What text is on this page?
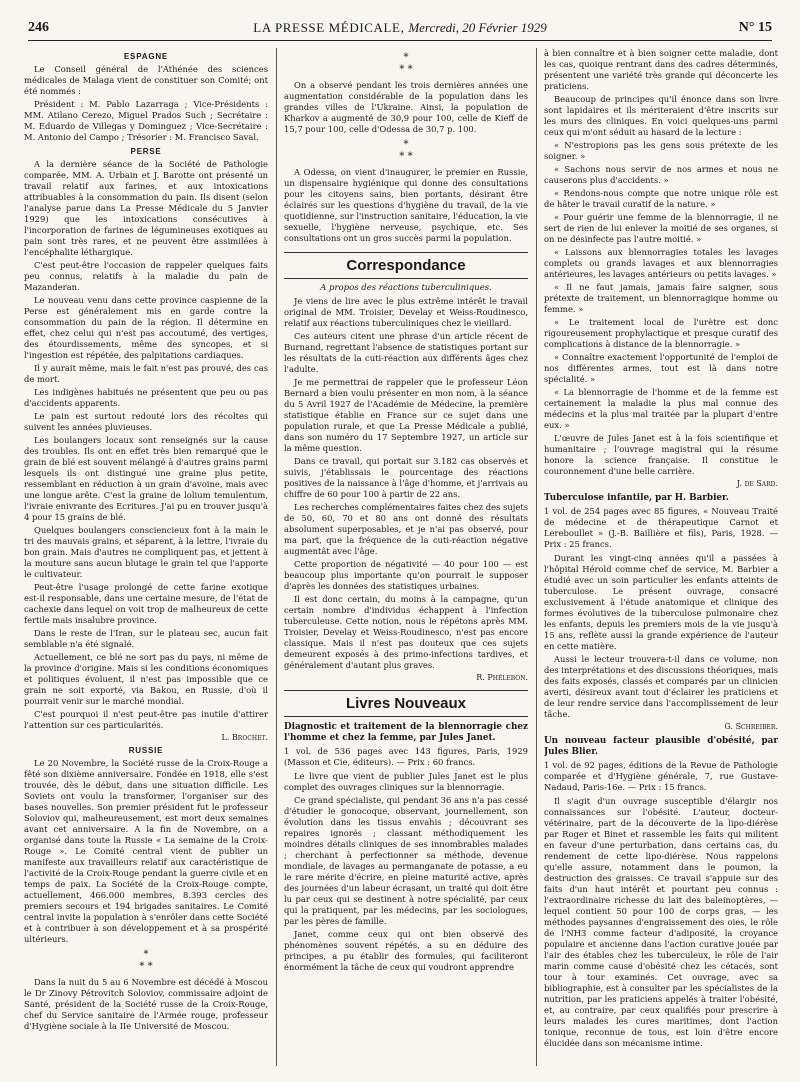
246	LA PRESSE MÉDICALE, Mercredi, 20 Février 1929	N° 15
ESPAGNE

Le Conseil général de l'Athénée des sciences médicales de Malaga vient de constituer son Comité; ont été nommés :

Président : M. Pablo Lazarraga ; Vice-Présidents : MM. Atilano Cerezo, Miguel Prados Such ; Secrétaire : M. Eduardo de Villegas y Dominguez ; Vice-Secrétaire : M. Antonio del Campo ; Trésorier : M. Francisco Saval.

PERSE

A la dernière séance de la Société de Pathologie comparée, MM. A. Urbain et J. Barotte ont présenté un travail relatif aux farines, et aux intoxications attribuables à la consommation du pain. Ils disent (selon l'analyse parue dans La Presse Médicale du 5 Janvier 1929) que les intoxications consécutives à l'incorporation de farines de légumineuses exotiques au pain sont très rares, et ne peuvent être assimilées à l'encéphalite léthargique.

C'est peut-être l'occasion de rappeler quelques faits peu connus, relatifs à la maladie du pain de Mazanderan.

Le nouveau venu dans cette province caspienne de la Perse est généralement mis en garde contre la consommation du pain de la région. Il détermine en effet, chez celui qui n'est pas accoutumé, des vertiges, des étourdissements, même des syncopes, et si l'ingestion est répétée, des palpitations cardiaques.

Il y aurait même, mais le fait n'est pas prouvé, des cas de mort.

Les indigènes habitués ne présentent que peu ou pas d'accidents apparents.

Le pain est surtout redouté lors des récoltes qui suivent les années pluvieuses.

Les boulangers locaux sont renseignés sur la cause des troubles. Ils ont en effet très bien remarqué que le grain de blé est souvent mélangé à d'autres grains parmi lesquels ils ont distingué une graine plus petite, ressemblant en réduction à un grain d'avoine, mais avec une longue arête. C'est la graine de lolium temulentum, l'ivraie enivrante des Ecritures. J'ai pu en trouver jusqu'à 4 pour 15 grains de blé.

Quelques boulangers consciencieux font à la main le tri des mauvais grains, et séparent, à la lettre, l'ivraie du bon grain. Mais d'autres ne compliquent pas, et jettent à la mouture sans aucun blutage le grain tel que l'apporte le cultivateur.

Peut-être l'usage prolongé de cette farine exotique est-il responsable, dans une certaine mesure, de l'état de cachexie dans lequel on voit trop de malheureux de cette fertile mais insalubre province.

Dans le reste de l'Iran, sur le plateau sec, aucun fait semblable n'a été signalé.

Actuellement, ce blé ne sort pas du pays, ni même de la province d'origine. Mais si les conditions économiques et politiques évoluent, il n'est pas impossible que ce grain ne soit exporté, via Bakou, en Russie, d'où il pourrait venir sur le marché mondial.

C'est pourquoi il n'est peut-être pas inutile d'attirer l'attention sur ces particularités.

L. Brochet.
RUSSIE

Le 20 Novembre, la Société russe de la Croix-Rouge a fêté son dixième anniversaire. Fondée en 1918, elle s'est trouvée, dès le début, dans une situation difficile. Les Soviets ont voulu la transformer, l'organiser sur des bases nouvelles. Son premier président fut le professeur Soloviov qui, malheureusement, est mort deux semaines avant cet anniversaire. A la fin de Novembre, on a organisé dans toute la Russie « La semaine de la Croix-Rouge ». Le Comité central vient de publier un manifeste aux travailleurs relatif aux caractéristique de l'activité de la Croix-Rouge pendant la guerre civile et en temps de paix. La Société de la Croix-Rouge compte, actuellement, 466.000 membres, 8.393 cercles des premiers secours et 194 brigades sanitaires. Le Comité central invite la population à s'enrôler dans cette Société et à contribuer à son développement et à sa prospérité ultérieurs.

*
* *

Dans la nuit du 5 au 6 Novembre est décédé à Moscou le Dr Zinovy Pétrovitch Soloviov, commissaire adjoint de Santé, président de la Société russe de la Croix-Rouge, chef du Service sanitaire de l'Armée rouge, professeur d'Hygiène sociale à la IIe Université de Moscou.

*
* *

On a observé pendant les trois dernières années une augmentation considérable de la population dans les grandes villes de l'Ukraine. Ainsi, la population de Kharkov a augmenté de 30,9 pour 100, celle de Kieff de 15,7 pour 100, celle d'Odessa de 30,7 p. 100.

*
* *

A Odessa, on vient d'inaugurer, le premier en Russie, un dispensaire hygiénique qui donne des consultations pour les citoyens sains, bien portants, désirant être éclairés sur les questions d'hygiène du travail, de la vie quotidienne, sur l'instruction sanitaire, l'éducation, la vie sexuelle, l'hygiène nerveuse, psychique, etc. Ses consultations ont un gros succès parmi la population.

Correspondance
A propos des réactions tuberculiniques.

Je viens de lire avec le plus extrême intérêt le travail original de MM. Troisier, Develay et Weiss-Roudinesco, relatif aux réactions tuberculiniques chez le vieillard.

Ces auteurs citent une phrase d'un article récent de Burnand, regrettant l'absence de statistiques portant sur les résultats de la cuti-réaction aux différents âges chez l'adulte.

Je me permettrai de rappeler que le professeur Léon Bernard a bien voulu présenter en mon nom, à la séance du 5 Avril 1927 de l'Académie de Médecine, la première statistique établie en France sur ce sujet dans une population rurale, et que La Presse Médicale a publié, dans son numéro du 17 Septembre 1927, un article sur la même question.

Dans ce travail, qui portait sur 3.182 cas observés et suivis, j'établissais le pourcentage des réactions positives de la naissance à l'âge d'homme, et j'arrivais au chiffre de 60 pour 100 à partir de 22 ans.

Les recherches complémentaires faites chez des sujets de 50, 60, 70 et 80 ans ont donné des résultats absolument superposables, et je n'ai pas observé, pour ma part, que la fréquence de la cuti-réaction négative augmentât avec l'âge.

Cette proportion de négativité — 40 pour 100 — est beaucoup plus importante qu'on pourrait le supposer d'après les données des statistiques urbaines.

Il est donc certain, du moins à la campagne, qu'un certain nombre d'individus échappent à l'infection tuberculeuse. Cette notion, nous le répétons après MM. Troisier, Develay et Weiss-Roudinesco, n'est pas encore classique. Mais il n'est pas douteux que ces sujets demeurent exposés à des primo-infections tardives, et généralement d'autant plus graves.

R. Phélebon.
Livres Nouveaux
Diagnostic et traitement de la blennorragie chez l'homme et chez la femme, par Jules Janet.

1 vol. de 536 pages avec 143 figures, Paris, 1929 (Masson et Cie, éditeurs). — Prix : 60 francs.

Le livre que vient de publier Jules Janet est le plus complet des ouvrages cliniques sur la blennorragie.

Ce grand spécialiste, qui pendant 36 ans n'a pas cessé d'étudier le gonocoque, observant, journellement, son évolution dans les tissus envahis ; découvrant ses repaires ignorés ; classant méthodiquement les moindres détails cliniques de ses innombrables malades ; cherchant à perfectionner sa méthode, devenue mondiale, de lavages au permanganate de potasse, a eu le rare mérite d'écrire, en pleine maturité active, après des journées d'un labeur écrasant, un traité qui doit être lu par ceux qui se destinent à notre spécialité, par ceux qui la pratiquent, par les médecins, par les sociologues, par les pères de famille.

Janet, comme ceux qui ont bien observé des phénomènes souvent répétés, a su en déduire des principes, a pu établir des formules, qui faciliteront énormément la tâche de ceux qui voudront apprendre

à bien connaître et à bien soigner cette maladie, dont les cas, quoique rentrant dans des cadres déterminés, présentent une variété très grande qui déconcerte les praticiens.

Beaucoup de principes qu'il énonce dans son livre sont lapidaires et ils mériteraient d'être inscrits sur les murs des cliniques. En voici quelques-uns parmi ceux qui m'ont séduit au hasard de la lecture :

« N'estropions pas les gens sous prétexte de les soigner. »

« Sachons nous servir de nos armes et nous ne causerons plus d'accidents. »

« Rendons-nous compte que notre unique rôle est de hâter le travail curatif de la nature. »

« Pour guérir une femme de la blennorragie, il ne sert de rien de lui enlever la moitié de ses organes, si on ne désinfecte pas l'autre moitié. »

« Laissons aux blennorragies totales les lavages complets ou grands lavages et aux blennorragies antérieures, les lavages antérieurs ou petits lavages. »

« Il ne faut jamais, jamais faire saigner, sous prétexte de traitement, un blennorragique homme ou femme. »

« Le traitement local de l'urètre est donc rigoureusement prophylactique et presque curatif des complications à distance de la blennorragie. »

« Connaître exactement l'opportunité de l'emploi de nos différentes armes, tout est là dans notre spécialité. »

« La blennorragie de l'homme et de la femme est certainement la maladie la plus mal connue des médecins et la plus mal traitée par la plupart d'entre eux. »

L'œuvre de Jules Janet est à la fois scientifique et humanitaire ; l'ouvrage magistral qui la résume honore la science française. Il constitue le couronnement d'une belle carrière.

J. de Sard.
Tuberculose infantile, par H. Barbier.

1 vol. de 254 pages avec 85 figures, « Nouveau Traité de médecine et de thérapeutique Carnot et Lereboullet » (J.-B. Baillière et fils), Paris, 1928. — Prix : 25 francs.

Durant les vingt-cinq années qu'il a passées à l'hôpital Hérold comme chef de service, M. Barbier a étudié avec un soin particulier les enfants atteints de tuberculose. Le présent ouvrage, consacré exclusivement à l'étude anatomique et clinique des formes évolutives de la tuberculose pulmonaire chez les enfants, depuis les premiers mois de la vie jusqu'à 15 ans, reflète aussi la grande expérience de l'auteur en cette matière.

Aussi le lecteur trouvera-t-il dans ce volume, non des interprétations et des discussions théoriques, mais des faits exposés, classés et comparés par un clinicien averti, désireux avant tout d'éclairer les praticiens et de leur rendre service dans l'accomplissement de leur tâche.

G. Schreiber.
Un nouveau facteur plausible d'obésité, par Jules Blier.

1 vol. de 92 pages, éditions de la Revue de Pathologie comparée et d'Hygiène générale, 7, rue Gustave-Nadaud, Paris-16e. — Prix : 15 francs.

Il s'agit d'un ouvrage susceptible d'élargir nos connaissances sur l'obésité. L'auteur, docteur-vétérinaire, part de la découverte de la lipo-diérèse par Roger et Binet et rassemble les faits qui militent en faveur d'une perturbation, dans certains cas, du rendement de cette lipo-diérèse. Nous rappelons qu'elle assure, notamment dans le poumon, la destruction des graisses. Ce travail s'appuie sur des faits d'un haut intérêt et pourtant peu connus : l'extraordinaire richesse du lait des baleinoptères, — lequel contient 50 pour 100 de corps gras, — les méthodes paysannes d'engraissement des oies, le rôle de l'NH3 comme facteur d'adiposité, la croyance populaire et ancienne dans l'action curative jouée par l'air des étables chez les tuberculeux, le rôle de l'air marin comme cause d'obésité chez les cétacés, sont tour à tour examinés. Cet ouvrage, avec sa bibliographie, est à consulter par les spécialistes de la nutrition, par les praticiens appelés à traiter l'obésité, et, au contraire, par ceux qualifiés pour prescrire à leurs malades les cures maritimes, dont l'action tonique, reconnue de tous, est loin d'être encore élucidée dans son mécanisme intime.
